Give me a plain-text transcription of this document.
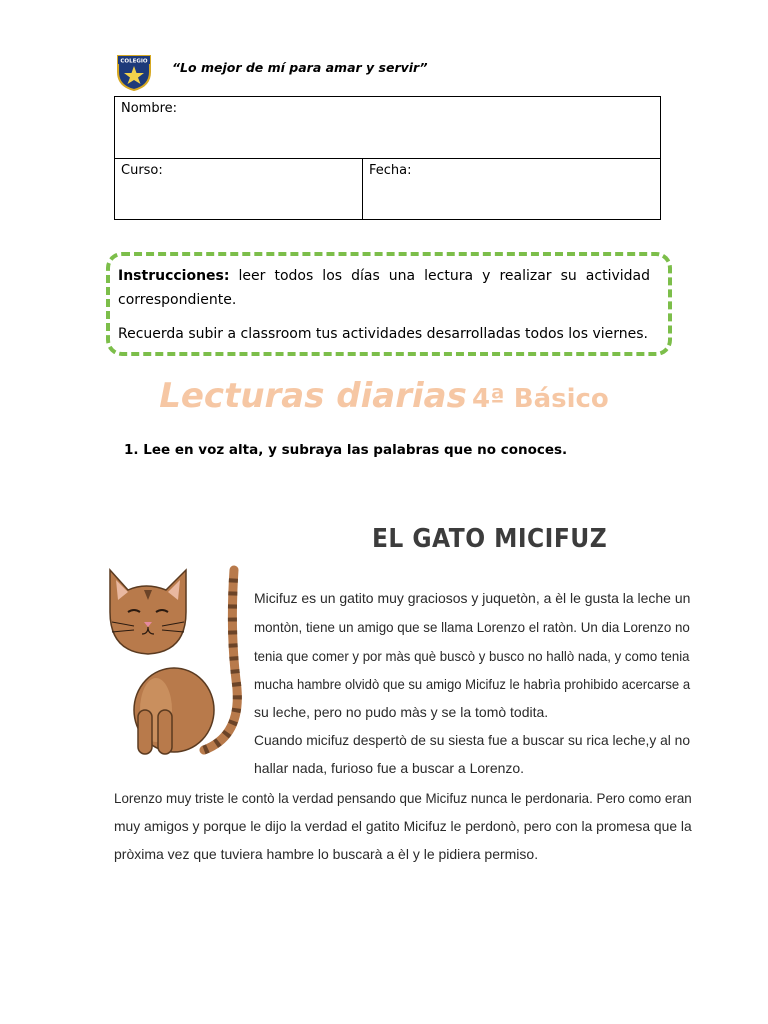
COLEGIO “Lo mejor de mí para amar y servir”
Nombre:
Curso:	Fecha:

Instrucciones: leer todos los días una lectura y realizar su actividad correspondiente.

Recuerda subir a classroom tus actividades desarrolladas todos los viernes.

Lecturas diarias 4ª Básico
1. Lee en voz alta, y subraya las palabras que no conoces.
EL GATO MICIFUZ
Micifuz es un gatito muy graciosos y juquetòn, a èl le gusta la leche un
montòn, tiene un amigo que se llama Lorenzo el ratòn. Un dia Lorenzo no
tenia que comer y por màs què buscò y busco no hallò nada, y como tenia
mucha hambre olvidò que su amigo Micifuz le habrìa prohibido acercarse a
su leche, pero no pudo màs y se la tomò todita.
Cuando micifuz despertò de su siesta fue a buscar su rica leche,y al no
hallar nada, furioso fue a buscar a Lorenzo.
Lorenzo muy triste le contò la verdad pensando que Micifuz nunca le perdonaria. Pero como eran
muy amigos y porque le dijo la verdad el gatito Micifuz le perdonò, pero con la promesa que la
pròxima vez que tuviera hambre lo buscarà a èl y le pidiera permiso.
